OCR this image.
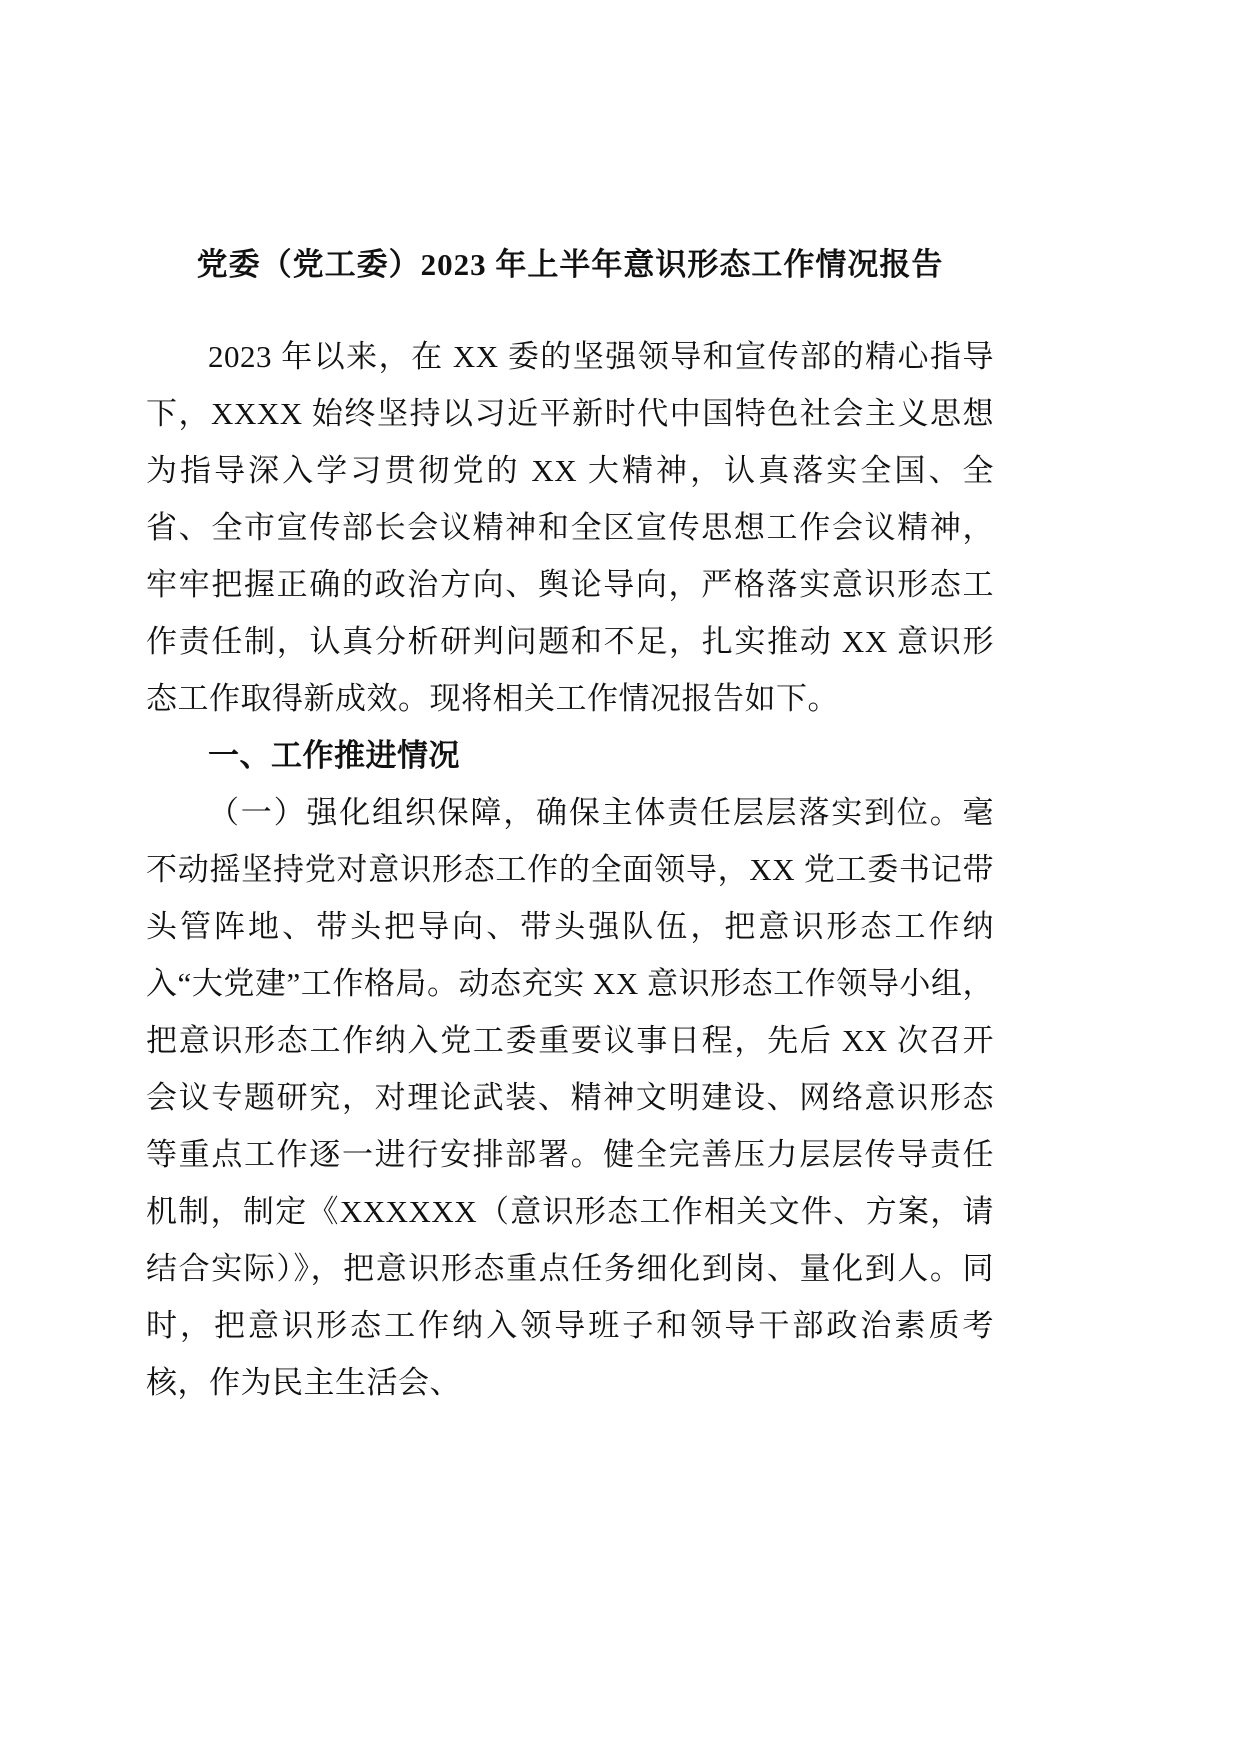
党委（党工委）2023 年上半年意识形态工作情况报告

2023 年以来，在 XX 委的坚强领导和宣传部的精心指导下，XXXX 始终坚持以习近平新时代中国特色社会主义思想为指导深入学习贯彻党的 XX 大精神，认真落实全国、全省、全市宣传部长会议精神和全区宣传思想工作会议精神，牢牢把握正确的政治方向、舆论导向，严格落实意识形态工作责任制，认真分析研判问题和不足，扎实推动 XX 意识形态工作取得新成效。现将相关工作情况报告如下。

一、工作推进情况

（一）强化组织保障，确保主体责任层层落实到位。毫不动摇坚持党对意识形态工作的全面领导，XX 党工委书记带头管阵地、带头把导向、带头强队伍，把意识形态工作纳入“大党建”工作格局。动态充实 XX 意识形态工作领导小组，把意识形态工作纳入党工委重要议事日程，先后 XX 次召开会议专题研究，对理论武装、精神文明建设、网络意识形态等重点工作逐一进行安排部署。健全完善压力层层传导责任机制，制定《XXXXXX（意识形态工作相关文件、方案，请结合实际）》，把意识形态重点任务细化到岗、量化到人。同时，把意识形态工作纳入领导班子和领导干部政治素质考核，作为民主生活会、
